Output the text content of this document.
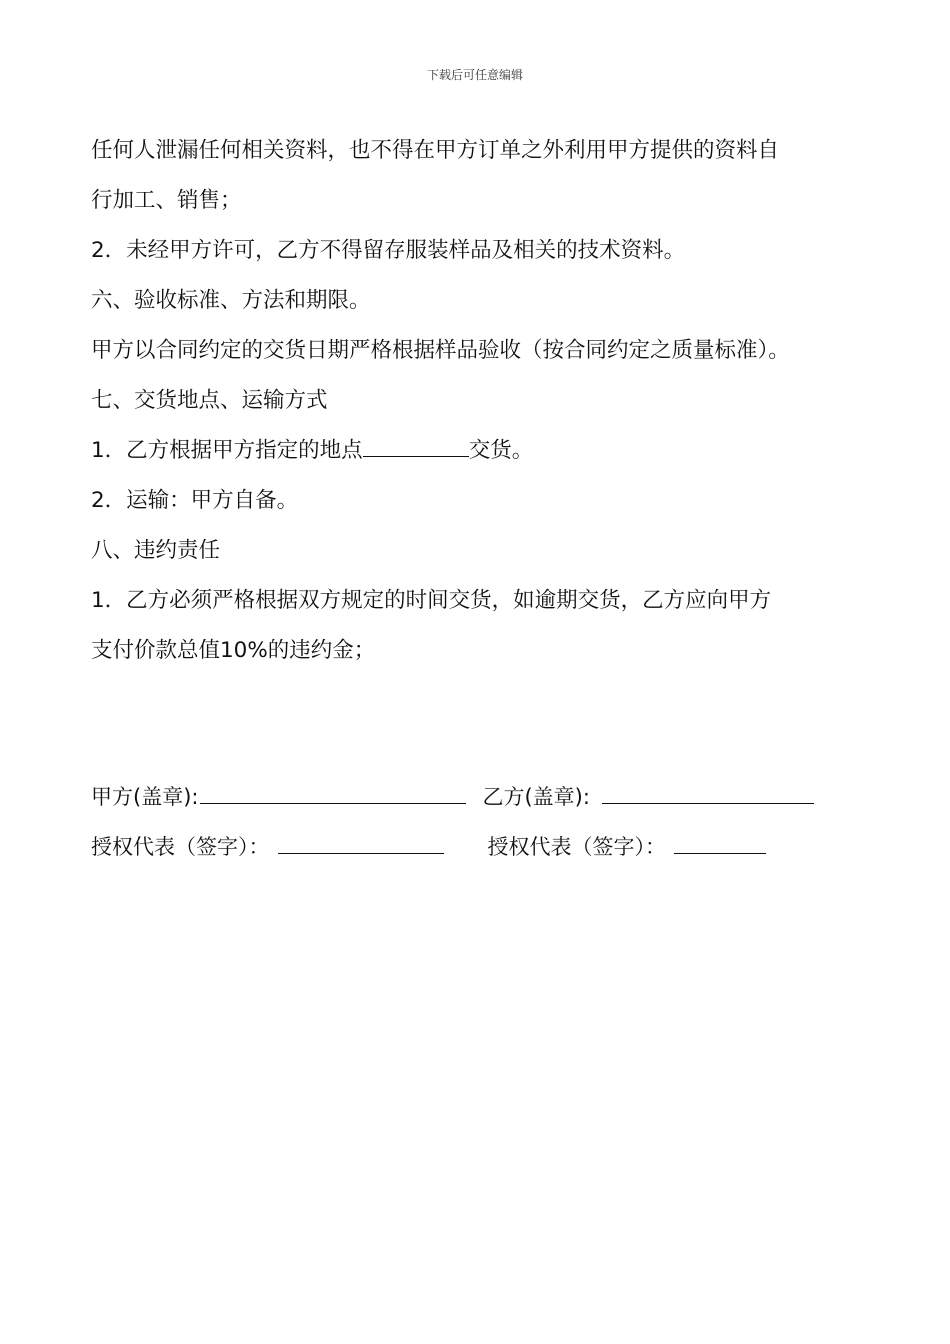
下载后可任意编辑
任何人泄漏任何相关资料，也不得在甲方订单之外利用甲方提供的资料自
行加工、销售；
2．未经甲方许可，乙方不得留存服装样品及相关的技术资料。
六、验收标准、方法和期限。
甲方以合同约定的交货日期严格根据样品验收（按合同约定之质量标准）。
七、交货地点、运输方式
1．乙方根据甲方指定的地点	交货。
2．运输：甲方自备。
八、违约责任
1．乙方必须严格根据双方规定的时间交货，如逾期交货，乙方应向甲方
支付价款总值10%的违约金；
甲方(盖章):	乙方(盖章):
授权代表（签字）：	授权代表（签字）：
